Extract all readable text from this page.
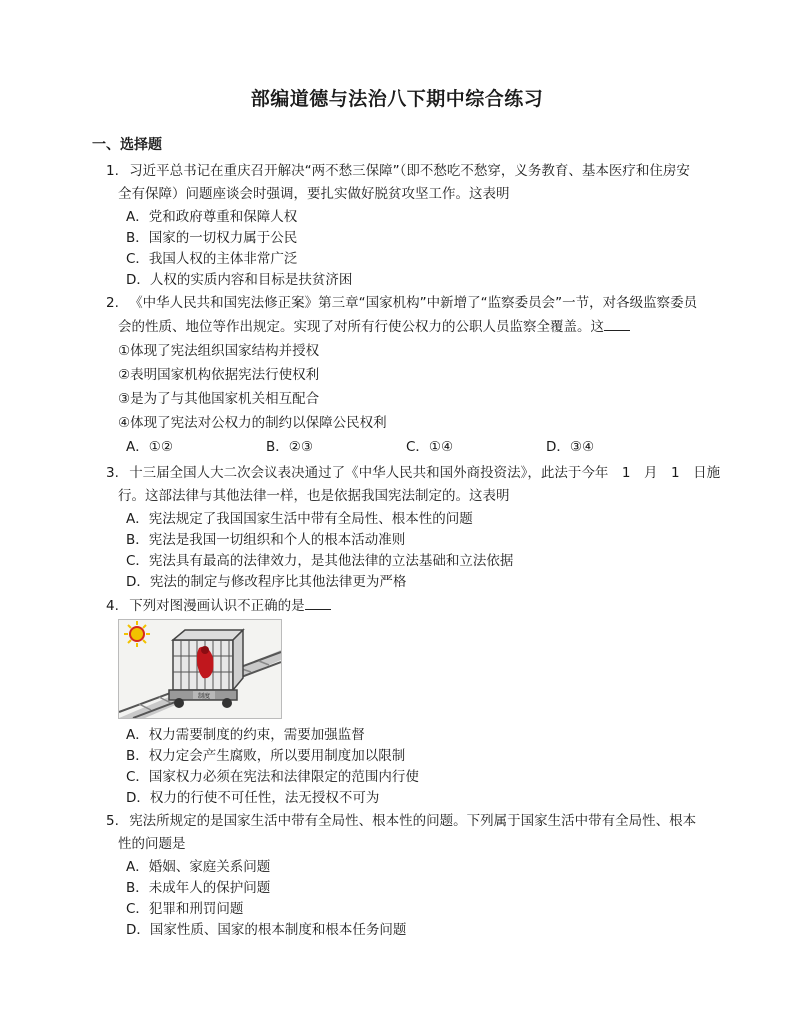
部编道德与法治八下期中综合练习
一、选择题
1. 习近平总书记在重庆召开解决“两不愁三保障”（即不愁吃不愁穿，义务教育、基本医疗和住房安
全有保障）问题座谈会时强调，要扎实做好脱贫攻坚工作。这表明
A．党和政府尊重和保障人权
B．国家的一切权力属于公民
C．我国人权的主体非常广泛
D．人权的实质内容和目标是扶贫济困
2. 《中华人民共和国宪法修正案》第三章“国家机构”中新增了“监察委员会”一节，对各级监察委员
会的性质、地位等作出规定。实现了对所有行使公权力的公职人员监察全覆盖。这
①体现了宪法组织国家结构并授权
②表明国家机构依据宪法行使权利
③是为了与其他国家机关相互配合
④体现了宪法对公权力的制约以保障公民权利
A．①②	B．②③	C．①④	D．③④
3. 十三届全国人大二次会议表决通过了《中华人民共和国外商投资法》，此法于今年　1　月　1　日施
行。这部法律与其他法律一样，也是依据我国宪法制定的。这表明
A．宪法规定了我国国家生活中带有全局性、根本性的问题
B．宪法是我国一切组织和个人的根本活动准则
C．宪法具有最高的法律效力，是其他法律的立法基础和立法依据
D．宪法的制定与修改程序比其他法律更为严格
4. 下列对图漫画认识不正确的是
制度
A．权力需要制度的约束，需要加强监督
B．权力定会产生腐败，所以要用制度加以限制
C．国家权力必须在宪法和法律限定的范围内行使
D．权力的行使不可任性，法无授权不可为
5. 宪法所规定的是国家生活中带有全局性、根本性的问题。下列属于国家生活中带有全局性、根本
性的问题是
A．婚姻、家庭关系问题
B．未成年人的保护问题
C．犯罪和刑罚问题
D．国家性质、国家的根本制度和根本任务问题
